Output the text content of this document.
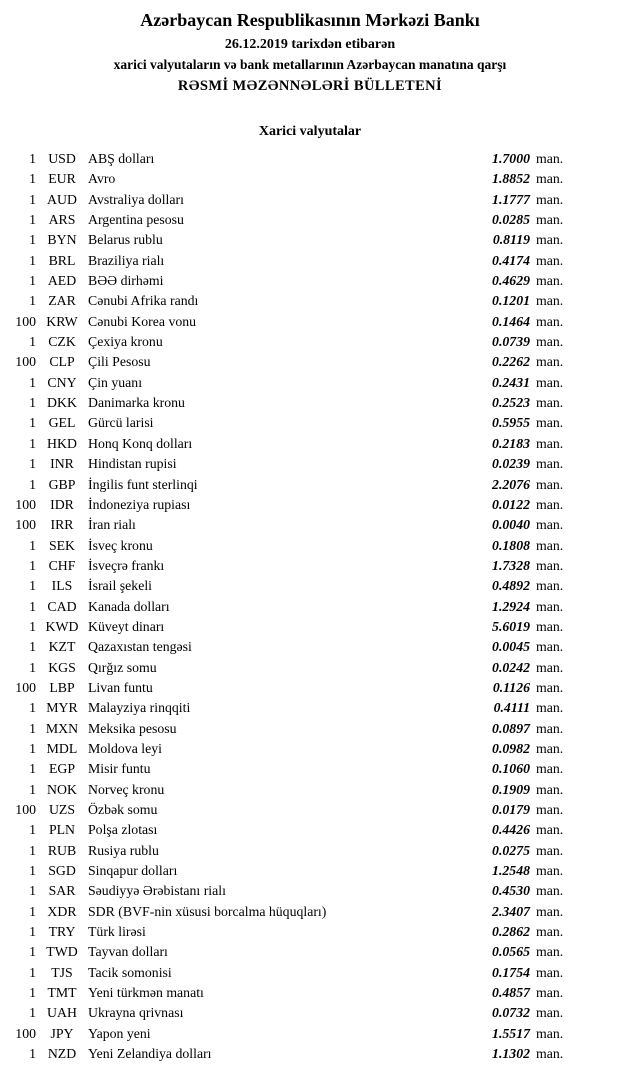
Azərbaycan Respublikasının Mərkəzi Bankı
26.12.2019 tarixdən etibarən
xarici valyutaların və bank metallarının Azərbaycan manatına qarşı
RƏSMİ MƏZƏNNƏLƏRİ BÜLLETENİ
Xarici valyutalar
1 USD ABŞ dolları	1.7000 man.
1 EUR Avro	1.8852 man.
1 AUD Avstraliya dolları	1.1777 man.
1 ARS Argentina pesosu	0.0285 man.
1 BYN Belarus rublu	0.8119 man.
1 BRL Braziliya rialı	0.4174 man.
1 AED BƏƏ dirhəmi	0.4629 man.
1 ZAR Cənubi Afrika randı	0.1201 man.
100 KRW Cənubi Korea vonu	0.1464 man.
1 CZK Çexiya kronu	0.0739 man.
100 CLP Çili Pesosu	0.2262 man.
1 CNY Çin yuanı	0.2431 man.
1 DKK Danimarka kronu	0.2523 man.
1 GEL Gürcü larisi	0.5955 man.
1 HKD Honq Konq dolları	0.2183 man.
1	INR	Hindistan rupisi	0.0239 man.
1 GBP İngilis funt sterlinqi	2.2076 man.
100	IDR	İndoneziya rupiası	0.0122 man.
100	IRR	İran rialı	0.0040 man.
1 SEK İsveç kronu	0.1808 man.
1 CHF İsveçrə frankı	1.7328 man.
1	ILS	İsrail şekeli	0.4892 man.
1 CAD Kanada dolları	1.2924 man.
1 KWD Küveyt dinarı	5.6019 man.
1 KZT Qazaxıstan tengəsi	0.0045 man.
1 KGS Qırğız somu	0.0242 man.
100 LBP Livan funtu	0.1126 man.
1 MYR Malayziya rinqqiti	0.4111 man.
1 MXN Meksika pesosu	0.0897 man.
1 MDL Moldova leyi	0.0982 man.
1 EGP Misir funtu	0.1060 man.
1 NOK Norveç kronu	0.1909 man.
100 UZS Özbək somu	0.0179 man.
1 PLN Polşa zlotası	0.4426 man.
1 RUB Rusiya rublu	0.0275 man.
1 SGD Sinqapur dolları	1.2548 man.
1 SAR Səudiyyə Ərəbistanı rialı	0.4530 man.
1 XDR SDR (BVF-nin xüsusi borcalma hüquqları)	2.3407 man.
1 TRY Türk lirəsi	0.2862 man.
1 TWD Tayvan dolları	0.0565 man.
1	TJS	Tacik somonisi	0.1754 man.
1 TMT Yeni türkmən manatı	0.4857 man.
1 UAH Ukrayna qrivnası	0.0732 man.
100	JPY	Yapon yeni	1.5517 man.
1 NZD Yeni Zelandiya dolları	1.1302 man.
